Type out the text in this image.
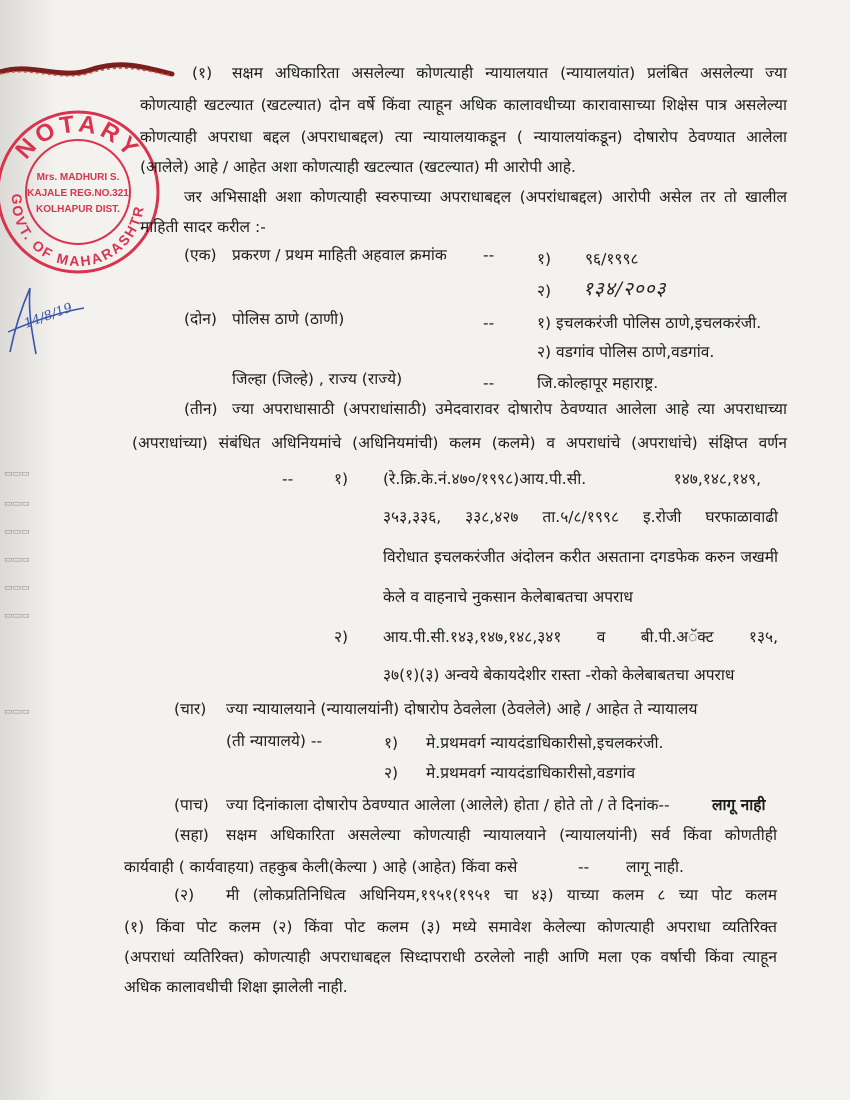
NOTARY
GOVT. OF MAHARASHTR
Mrs. MADHURI S.
KAJALE REG.NO.321
KOLHAPUR DIST.
14/8/19
▭▭▭
▭▭▭
▭▭▭
▭▭▭
▭▭▭
▭▭▭
▭▭▭
(१) सक्षम अधिकारिता असलेल्या कोणत्याही न्यायालयात (न्यायालयांत) प्रलंबित असलेल्या ज्या
कोणत्याही खटल्यात (खटल्यात) दोन वर्षे किंवा त्याहून अधिक कालावधीच्या कारावासाच्या शिक्षेस पात्र असलेल्या
कोणत्याही अपराधा बद्दल (अपराधाबद्दल) त्या न्यायालयाकडून ( न्यायालयांकडून) दोषारोप ठेवण्यात आलेला
(आलेले) आहे / आहेत अशा कोणत्याही खटल्यात (खटल्यात) मी आरोपी आहे.
जर अभिसाक्षी अशा कोणत्याही स्वरुपाच्या अपराधाबद्दल (अपरांधाबद्दल) आरोपी असेल तर तो खालील
माहिती सादर करील :-
(एक) प्रकरण / प्रथम माहिती अहवाल क्रमांक --	१) ९६/१९९८
२) १३४/२००३
(दोन) पोलिस ठाणे (ठाणी)	--	१) इचलकरंजी पोलिस ठाणे,इचलकरंजी.
२) वडगांव पोलिस ठाणे,वडगांव.
जिल्हा (जिल्हे) , राज्य (राज्ये)	--	जि.कोल्हापूर महाराष्ट्र.
(तीन) ज्या अपराधासाठी (अपराधांसाठी) उमेदवारावर दोषारोप ठेवण्यात आलेला आहे त्या अपराधाच्या
(अपराधांच्या) संबंधित अधिनियमांचे (अधिनियमांची) कलम (कलमे) व अपराधांचे (अपराधांचे) संक्षिप्त वर्णन
--	१) (रे.क्रि.के.नं.४७०/१९९८)आय.पी.सी. १४७,१४८,१४९,
३५३,३३६, ३३८,४२७ ता.५/८/१९९८ इ.रोजी घरफाळावाढी
विरोधात इचलकरंजीत अंदोलन करीत असताना दगडफेक करुन जखमी
केले व वाहनाचे नुकसान केलेबाबतचा अपराध
२) आय.पी.सी.१४३,१४७,१४८,३४१ व बी.पी.अॅक्ट १३५,
३७(१)(३) अन्वये बेकायदेशीर रास्ता -रोको केलेबाबतचा अपराध
(चार) ज्या न्यायालयाने (न्यायालयांनी) दोषारोप ठेवलेला (ठेवलेले) आहे / आहेत ते न्यायालय
(ती न्यायालये) --	१) मे.प्रथमवर्ग न्यायदंडाधिकारीसो,इचलकरंजी.
२) मे.प्रथमवर्ग न्यायदंडाधिकारीसो,वडगांव
(पाच) ज्या दिनांकाला दोषारोप ठेवण्यात आलेला (आलेले) होता / होते तो / ते दिनांक--	लागू नाही
(सहा) सक्षम अधिकारिता असलेल्या कोणत्याही न्यायालयाने (न्यायालयांनी) सर्व किंवा कोणतीही
कार्यवाही ( कार्यवाहया) तहकुब केली(केल्या ) आहे (आहेत) किंवा कसे	-- लागू नाही.
(२) मी (लोकप्रतिनिधित्व अधिनियम,१९५१(१९५१ चा ४३) याच्या कलम ८ च्या पोट कलम
(१) किंवा पोट कलम (२) किंवा पोट कलम (३) मध्ये समावेश केलेल्या कोणत्याही अपराधा व्यतिरिक्त
(अपराधां व्यतिरिक्त) कोणत्याही अपराधाबद्दल सिध्दापराधी ठरलेलो नाही आणि मला एक वर्षाची किंवा त्याहून
अधिक कालावधीची शिक्षा झालेली नाही.
